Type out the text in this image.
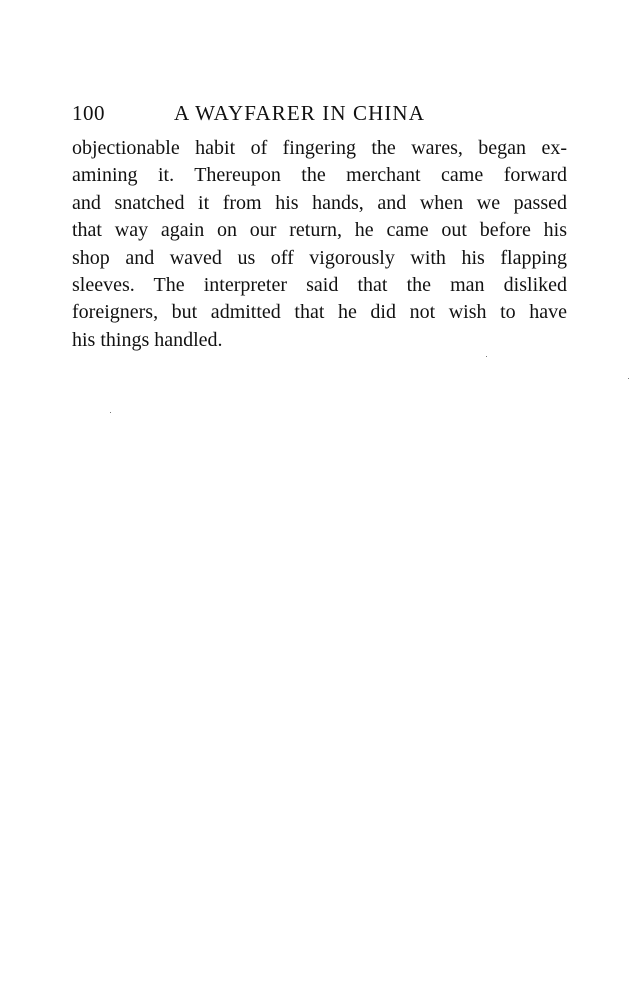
100	A WAYFARER IN CHINA
objectionable habit of fingering the wares, began ex-
amining it. Thereupon the merchant came forward
and snatched it from his hands, and when we passed
that way again on our return, he came out before his
shop and waved us off vigorously with his flapping
sleeves. The interpreter said that the man disliked
foreigners, but admitted that he did not wish to have
his things handled.
